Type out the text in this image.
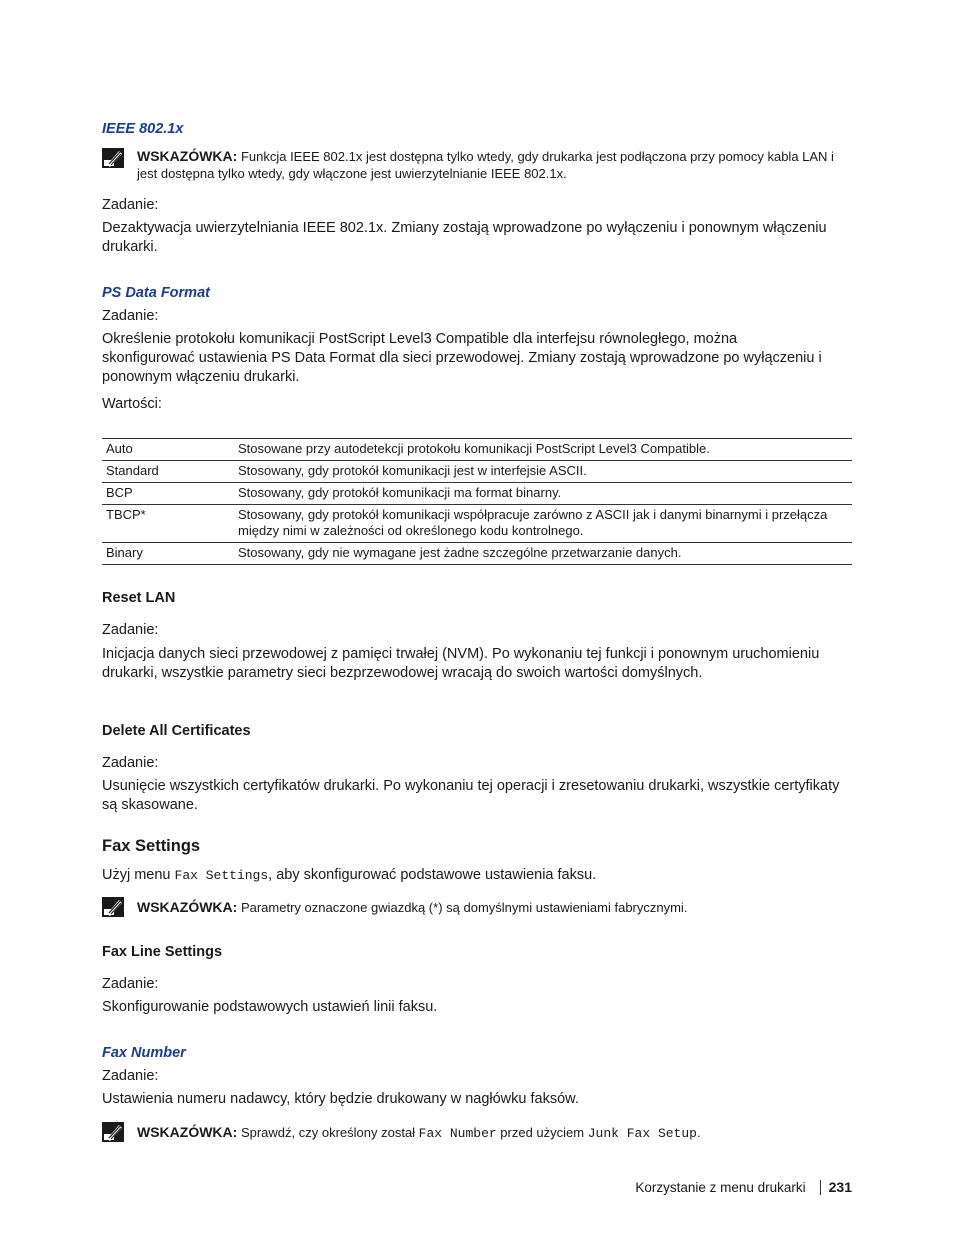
IEEE 802.1x
WSKAZÓWKA: Funkcja IEEE 802.1x jest dostępna tylko wtedy, gdy drukarka jest podłączona przy pomocy kabla LAN i jest dostępna tylko wtedy, gdy włączone jest uwierzytelnianie IEEE 802.1x.
Zadanie:
Dezaktywacja uwierzytelniania IEEE 802.1x. Zmiany zostają wprowadzone po wyłączeniu i ponownym włączeniu drukarki.
PS Data Format
Zadanie:
Określenie protokołu komunikacji PostScript Level3 Compatible dla interfejsu równoległego, można skonfigurować ustawienia PS Data Format dla sieci przewodowej. Zmiany zostają wprowadzone po wyłączeniu i ponownym włączeniu drukarki.
Wartości:
Auto	Stosowane przy autodetekcji protokołu komunikacji PostScript Level3 Compatible.
Standard	Stosowany, gdy protokół komunikacji jest w interfejsie ASCII.
BCP	Stosowany, gdy protokół komunikacji ma format binarny.
TBCP*	Stosowany, gdy protokół komunikacji współpracuje zarówno z ASCII jak i danymi binarnymi i przełącza między nimi w zależności od określonego kodu kontrolnego.
Binary	Stosowany, gdy nie wymagane jest żadne szczególne przetwarzanie danych.
Reset LAN
Zadanie:
Inicjacja danych sieci przewodowej z pamięci trwałej (NVM). Po wykonaniu tej funkcji i ponownym uruchomieniu drukarki, wszystkie parametry sieci bezprzewodowej wracają do swoich wartości domyślnych.
Delete All Certificates
Zadanie:
Usunięcie wszystkich certyfikatów drukarki. Po wykonaniu tej operacji i zresetowaniu drukarki, wszystkie certyfikaty są skasowane.
Fax Settings
Użyj menu Fax Settings, aby skonfigurować podstawowe ustawienia faksu.
WSKAZÓWKA: Parametry oznaczone gwiazdką (*) są domyślnymi ustawieniami fabrycznymi.
Fax Line Settings
Zadanie:
Skonfigurowanie podstawowych ustawień linii faksu.
Fax Number
Zadanie:
Ustawienia numeru nadawcy, który będzie drukowany w nagłówku faksów.
WSKAZÓWKA: Sprawdź, czy określony został Fax Number przed użyciem Junk Fax Setup.
Korzystanie z menu drukarki 231
